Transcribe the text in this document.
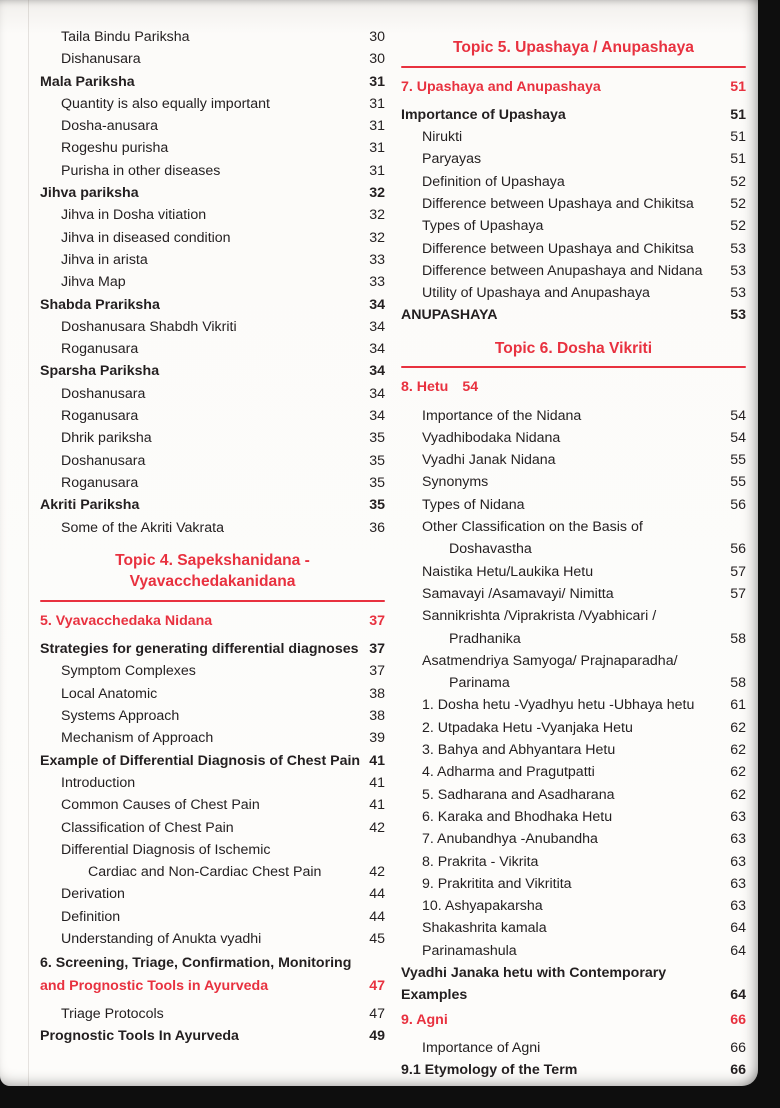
Taila Bindu Pariksha	30
Dishanusara	30
Mala Pariksha	31
Quantity is also equally important	31
Dosha-anusara	31
Rogeshu purisha	31
Purisha in other diseases	31
Jihva pariksha	32
Jihva in Dosha vitiation	32
Jihva in diseased condition	32
Jihva in arista	33
Jihva Map	33
Shabda Prariksha	34
Doshanusara Shabdh Vikriti	34
Roganusara	34
Sparsha Pariksha	34
Doshanusara	34
Roganusara	34
Dhrik pariksha	35
Doshanusara	35
Roganusara	35
Akriti Pariksha	35
Some of the Akriti Vakrata	36
Topic 4. Sapekshanidana -
Vyavacchedakanidana
5. Vyavacchedaka Nidana	37
Strategies for generating differential diagnoses 37
Symptom Complexes	37
Local Anatomic	38
Systems Approach	38
Mechanism of Approach	39
Example of Differential Diagnosis of Chest Pain 41
Introduction	41
Common Causes of Chest Pain	41
Classification of Chest Pain	42
Differential Diagnosis of Ischemic
Cardiac and Non-Cardiac Chest Pain	42
Derivation	44
Definition	44
Understanding of Anukta vyadhi	45
6. Screening, Triage, Confirmation, Monitoring
and Prognostic Tools in Ayurveda	47
Triage Protocols	47
Prognostic Tools In Ayurveda	49
Topic 5. Upashaya / Anupashaya
7. Upashaya and Anupashaya	51
Importance of Upashaya	51
Nirukti	51
Paryayas	51
Definition of Upashaya	52
Difference between Upashaya and Chikitsa	52
Types of Upashaya	52
Difference between Upashaya and Chikitsa	53
Difference between Anupashaya and Nidana	53
Utility of Upashaya and Anupashaya	53
ANUPASHAYA	53
Topic 6. Dosha Vikriti
8. Hetu 54
Importance of the Nidana	54
Vyadhibodaka Nidana	54
Vyadhi Janak Nidana	55
Synonyms	55
Types of Nidana	56
Other Classification on the Basis of
Doshavastha	56
Naistika Hetu/Laukika Hetu	57
Samavayi /Asamavayi/ Nimitta	57
Sannikrishta /Viprakrista /Vyabhicari /
Pradhanika	58
Asatmendriya Samyoga/ Prajnaparadha/
Parinama	58
1. Dosha hetu -Vyadhyu hetu -Ubhaya hetu	61
2. Utpadaka Hetu -Vyanjaka Hetu	62
3. Bahya and Abhyantara Hetu	62
4. Adharma and Pragutpatti	62
5. Sadharana and Asadharana	62
6. Karaka and Bhodhaka Hetu	63
7. Anubandhya -Anubandha	63
8. Prakrita - Vikrita	63
9. Prakritita and Vikritita	63
10. Ashyapakarsha	63
Shakashrita kamala	64
Parinamashula	64
Vyadhi Janaka hetu with Contemporary
Examples	64
9. Agni	66
Importance of Agni	66
9.1 Etymology of the Term	66
